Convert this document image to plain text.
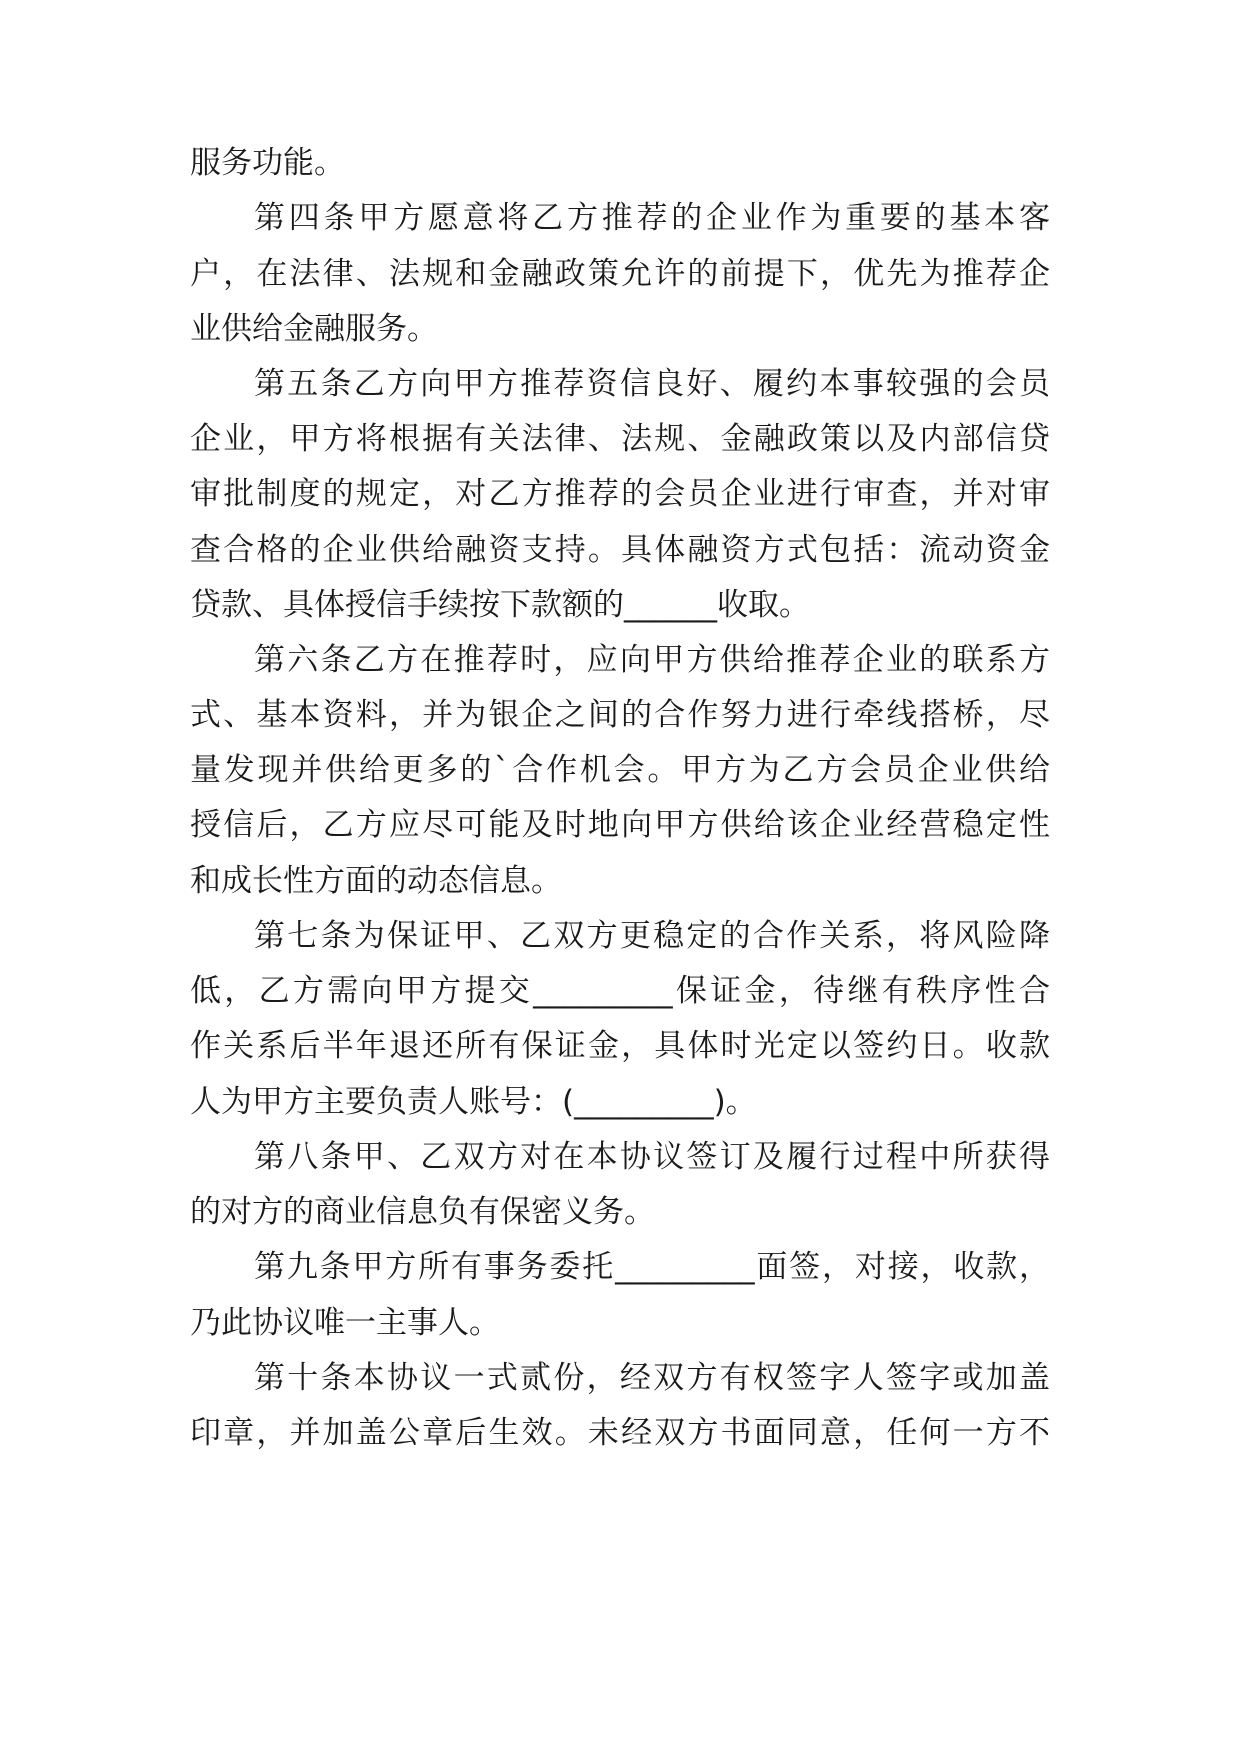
服务功能。
第四条甲方愿意将乙方推荐的企业作为重要的基本客
户，在法律、法规和金融政策允许的前提下，优先为推荐企
业供给金融服务。
第五条乙方向甲方推荐资信良好、履约本事较强的会员
企业，甲方将根据有关法律、法规、金融政策以及内部信贷
审批制度的规定，对乙方推荐的会员企业进行审查，并对审
查合格的企业供给融资支持。具体融资方式包括：流动资金
贷款、具体授信手续按下款额的______收取。
第六条乙方在推荐时，应向甲方供给推荐企业的联系方
式、基本资料，并为银企之间的合作努力进行牵线搭桥，尽
量发现并供给更多的`合作机会。甲方为乙方会员企业供给
授信后，乙方应尽可能及时地向甲方供给该企业经营稳定性
和成长性方面的动态信息。
第七条为保证甲、乙双方更稳定的合作关系，将风险降
低，乙方需向甲方提交_________保证金，待继有秩序性合
作关系后半年退还所有保证金，具体时光定以签约日。收款
人为甲方主要负责人账号：(_________)。
第八条甲、乙双方对在本协议签订及履行过程中所获得
的对方的商业信息负有保密义务。
第九条甲方所有事务委托_________面签，对接，收款，
乃此协议唯一主事人。
第十条本协议一式贰份，经双方有权签字人签字或加盖
印章，并加盖公章后生效。未经双方书面同意，任何一方不
